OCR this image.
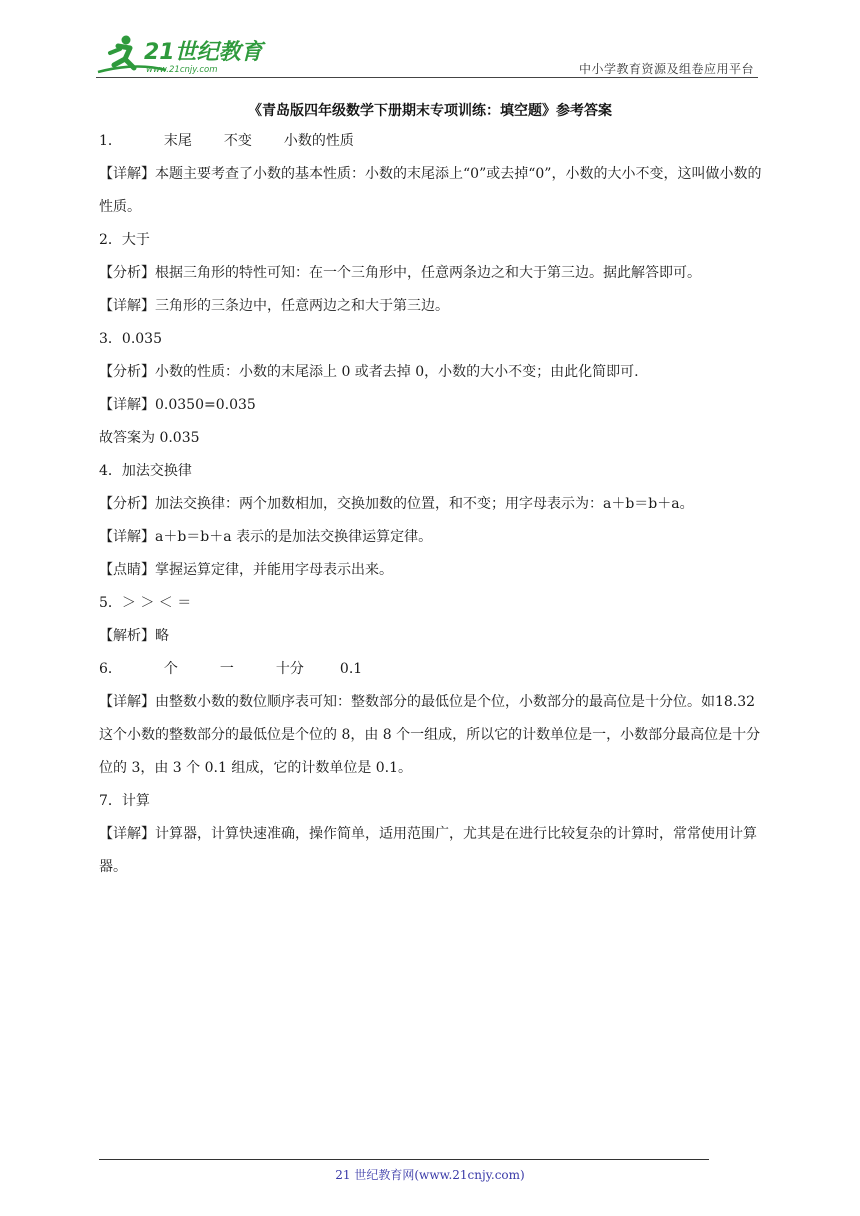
21世纪教育
www.21cnjy.com	中小学教育资源及组卷应用平台
《青岛版四年级数学下册期末专项训练：填空题》参考答案

1．	末尾 不变 小数的性质

【详解】本题主要考查了小数的基本性质：小数的末尾添上“0”或去掉“0”，小数的大小不变，这叫做小数的性质。

2．大于

【分析】根据三角形的特性可知：在一个三角形中，任意两条边之和大于第三边。据此解答即可。

【详解】三角形的三条边中，任意两边之和大于第三边。

3．0.035

【分析】小数的性质：小数的末尾添上 0 或者去掉 0，小数的大小不变；由此化简即可.

【详解】0.0350=0.035

故答案为 0.035

4．加法交换律

【分析】加法交换律：两个加数相加，交换加数的位置，和不变；用字母表示为：a＋b＝b＋a。

【详解】a＋b＝b＋a 表示的是加法交换律运算定律。

【点睛】掌握运算定律，并能用字母表示出来。

5．＞ ＞ ＜ ＝

【解析】略

6．	个	一	十分	0.1

【详解】由整数小数的数位顺序表可知：整数部分的最低位是个位，小数部分的最高位是十分位。如18.32 这个小数的整数部分的最低位是个位的 8，由 8 个一组成，所以它的计数单位是一，小数部分最高位是十分位的 3，由 3 个 0.1 组成，它的计数单位是 0.1。

7．计算

【详解】计算器，计算快速准确，操作简单，适用范围广，尤其是在进行比较复杂的计算时，常常使用计算器。

21 世纪教育网(www.21cnjy.com)
